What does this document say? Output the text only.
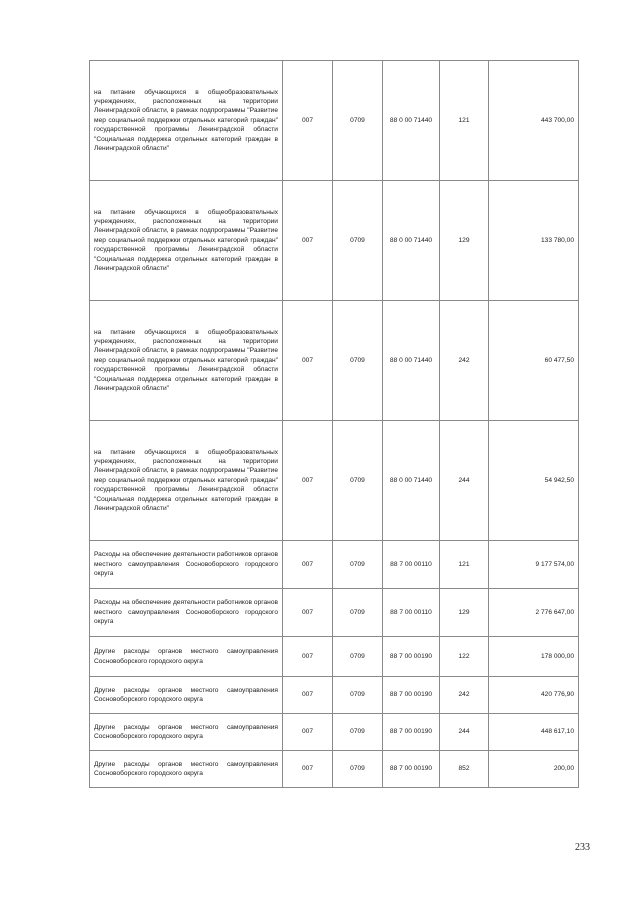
на питание обучающихся в общеобразовательных учреждениях, расположенных на территории Ленинградской области, в рамках подпрограммы "Развитие мер социальной поддержки отдельных категорий граждан" государственной программы Ленинградской области "Социальная поддержка отдельных категорий граждан в Ленинградской области"	007	0709	88 0 00 71440	121	443 700,00
на питание обучающихся в общеобразовательных учреждениях, расположенных на территории Ленинградской области, в рамках подпрограммы "Развитие мер социальной поддержки отдельных категорий граждан" государственной программы Ленинградской области "Социальная поддержка отдельных категорий граждан в Ленинградской области"	007	0709	88 0 00 71440	129	133 780,00
на питание обучающихся в общеобразовательных учреждениях, расположенных на территории Ленинградской области, в рамках подпрограммы "Развитие мер социальной поддержки отдельных категорий граждан" государственной программы Ленинградской области "Социальная поддержка отдельных категорий граждан в Ленинградской области"	007	0709	88 0 00 71440	242	60 477,50
на питание обучающихся в общеобразовательных учреждениях, расположенных на территории Ленинградской области, в рамках подпрограммы "Развитие мер социальной поддержки отдельных категорий граждан" государственной программы Ленинградской области "Социальная поддержка отдельных категорий граждан в Ленинградской области"	007	0709	88 0 00 71440	244	54 942,50
Расходы на обеспечение деятельности работников органов местного самоуправления Сосновоборского городского округа	007	0709	88 7 00 00110	121	9 177 574,00
Расходы на обеспечение деятельности работников органов местного самоуправления Сосновоборского городского округа	007	0709	88 7 00 00110	129	2 776 647,00
Другие расходы органов местного самоуправления Сосновоборского городского округа	007	0709	88 7 00 00190	122	178 000,00
Другие расходы органов местного самоуправления Сосновоборского городского округа	007	0709	88 7 00 00190	242	420 776,90
Другие расходы органов местного самоуправления Сосновоборского городского округа	007	0709	88 7 00 00190	244	448 617,10
Другие расходы органов местного самоуправления Сосновоборского городского округа	007	0709	88 7 00 00190	852	200,00
233
